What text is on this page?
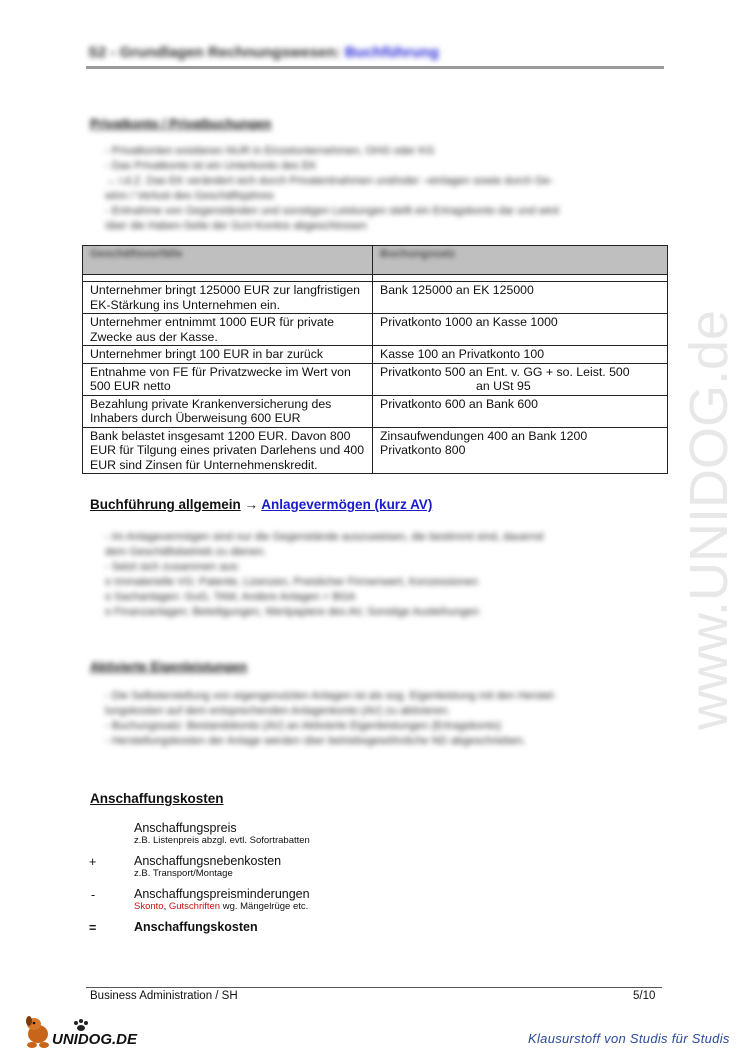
S2 - Grundlagen Rechnungswesen: Buchführung
Privatkonto / Privatbuchungen
- Privatkonten existieren NUR in Einzelunternehmen, OHG oder KG
- Das Privatkonto ist ein Unterkonto des EK
→ i.d.Z. Das EK verändert sich durch Privatentnahmen und/oder –einlagen sowie durch Ge-
winn / Verlust des Geschäftsjahres
- Entnahme von Gegenständen und sonstigen Leistungen stellt ein Ertragskonto dar und wird
über die Haben-Seite der GuV-Kontos abgeschlossen
Geschäftsvorfälle	Buchungssatz

Unternehmer bringt 125000 EUR zur langfristigen EK-Stärkung ins Unternehmen ein.	Bank 125000 an EK 125000

Unternehmer entnimmt 1000 EUR für private Zwecke aus der Kasse.	Privatkonto 1000 an Kasse 1000

Unternehmer bringt 100 EUR in bar zurück	Kasse 100 an Privatkonto 100

Entnahme von FE für Privatzwecke im Wert von 500 EUR netto	Privatkonto 500 an Ent. v. GG + so. Leist. 500
an USt 95

Bezahlung private Krankenversicherung des Inhabers durch Überweisung 600 EUR	Privatkonto 600 an Bank 600

Bank belastet insgesamt 1200 EUR. Davon 800 EUR für Tilgung eines privaten Darlehens und 400 EUR sind Zinsen für Unternehmenskredit.	Zinsaufwendungen 400 an Bank 1200
Privatkonto 800
Buchführung allgemein → Anlagevermögen (kurz AV)
- Im Anlagevermögen sind nur die Gegenstände auszuweisen, die bestimmt sind, dauernd
dem Geschäftsbetrieb zu dienen.
- Setzt sich zusammen aus:
o Immaterielle VG: Patente, Lizenzen, Preislicher Firmenwert, Konzessionen
o Sachanlagen: GuG, TAM, Andere Anlagen + BGA
o Finanzanlagen: Beteiligungen, Wertpapiere des AV, Sonstige Ausleihungen
Aktivierte Eigenleistungen
- Die Selbsterstellung von eigengenutzten Anlagen ist als sog. Eigenleistung mit den Herstel-
lungskosten auf dem entsprechenden Anlagenkonto (AV) zu aktivieren.
- Buchungssatz: Bestandskonto (AV) an Aktivierte Eigenleistungen (Ertragskonto)
- Herstellungskosten der Anlage werden über betriebsgewöhnliche ND abgeschrieben.
Anschaffungskosten
Anschaffungspreis
z.B. Listenpreis abzgl. evtl. Sofortrabatten
+	Anschaffungsnebenkosten
z.B. Transport/Montage
-	Anschaffungspreisminderungen
Skonto, Gutschriften wg. Mängelrüge etc.
=	Anschaffungskosten
www.UNIDOG.de
Business Administration / SH	5/10
UNIDOG.DE	Klausurstoff von Studis für Studis
